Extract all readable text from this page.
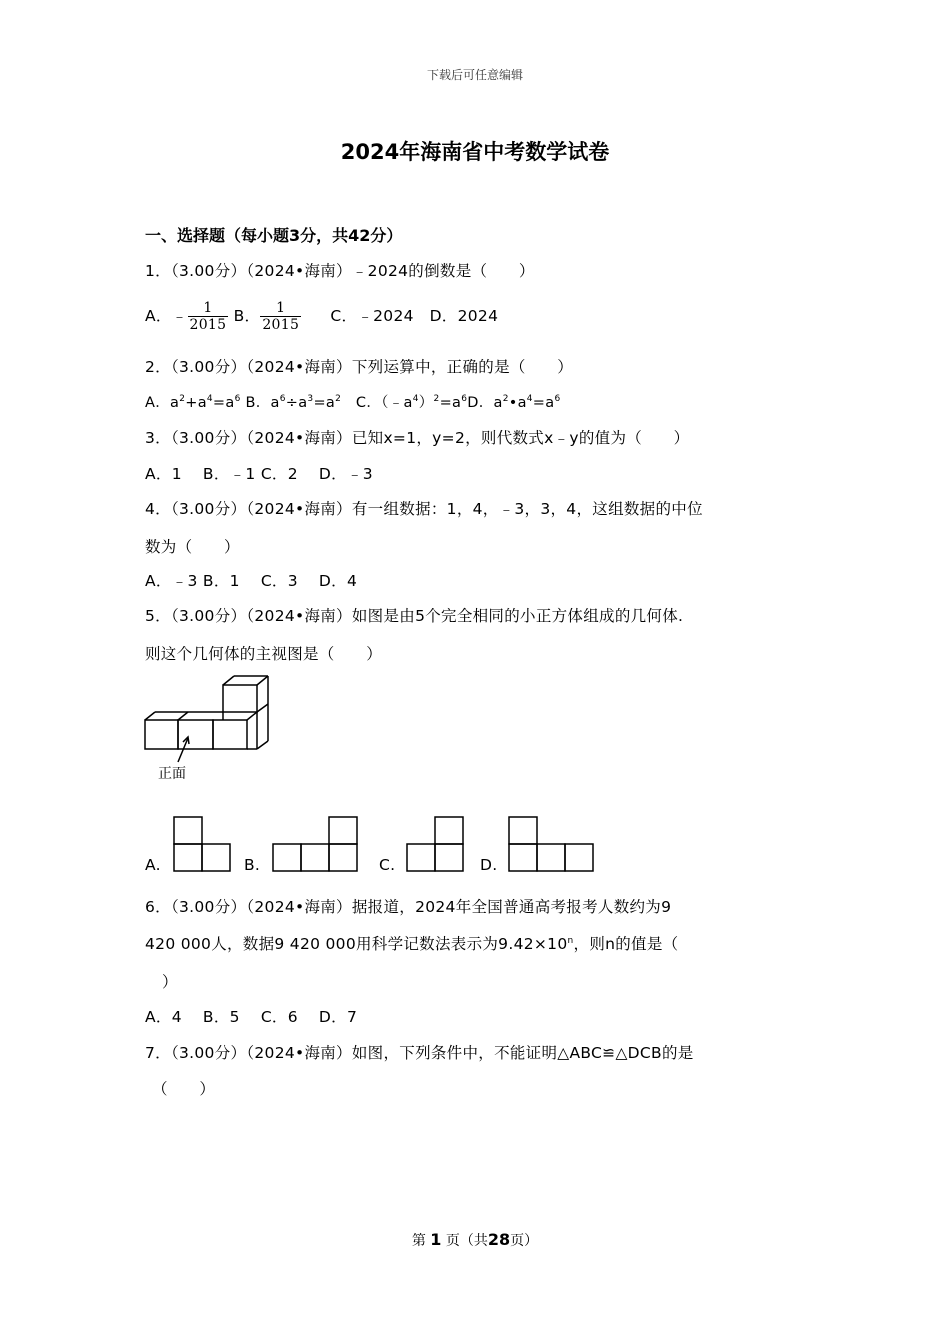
下载后可任意编辑
2024年海南省中考数学试卷
一、选择题（每小题3分，共42分）
1．（3.00分）（2024•海南）﹣2024的倒数是（　　）
A．﹣ $\frac{1}{2015}$ B． $\frac{1}{2015}$ C．﹣2024　D．2024
2．（3.00分）（2024•海南）下列运算中，正确的是（　　）
A．$a^2+a^4=a^6$ B．$a^6\div a^3=a^2$　C．$(﹣a^4)^2=a^6D$．$a^2•a^4=a^6$
3．（3.00分）（2024•海南）已知x=1，y=2，则代数式x﹣y的值为（　　）
A．1　 B．﹣1 C．2　 D．﹣3
4．（3.00分）（2024•海南）有一组数据：1，4，﹣3，3，4，这组数据的中位
数为（　　）
A．﹣3 B．1　 C．3　 D．4
5．（3.00分）（2024•海南）如图是由5个完全相同的小正方体组成的几何体.
则这个几何体的主视图是（　　）
正面
A.	B.	C.	D.
6．（3.00分）（2024•海南）据报道，2024年全国普通高考报考人数约为9
420 000人，数据9 420 000用科学记数法表示为$9.42\times 10^n$，则n的值是（
）
A．4　 B．5　 C．6　 D．7
7．（3.00分）（2024•海南）如图，下列条件中，不能证明△ABC≌△DCB的是
（　　）
第 1 页（共28页）
